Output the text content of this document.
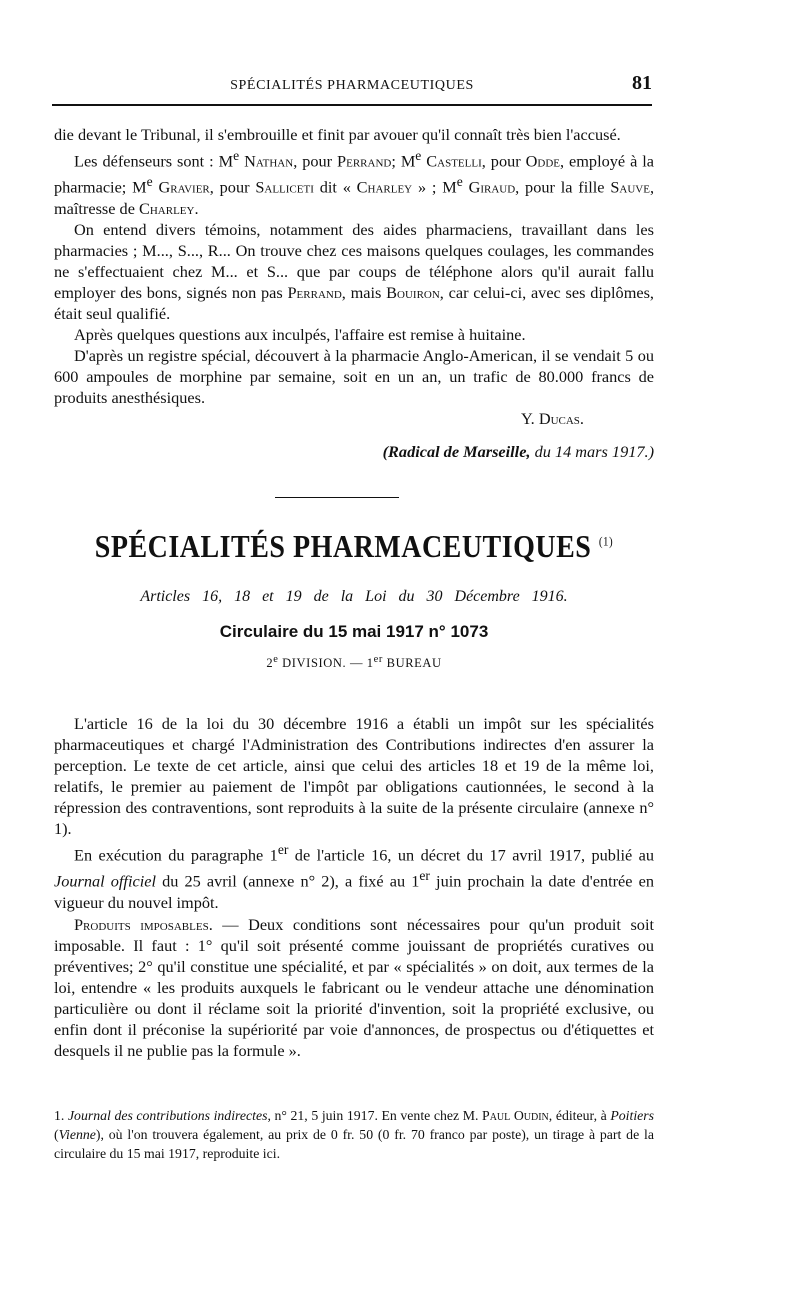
SPÉCIALITÉS PHARMACEUTIQUES	81

die devant le Tribunal, il s'embrouille et finit par avouer qu'il connaît très bien l'accusé.

Les défenseurs sont : Me Nathan, pour Perrand; Me Castelli, pour Odde, employé à la pharmacie; Me Gravier, pour Salliceti dit « Charley » ; Me Giraud, pour la fille Sauve, maîtresse de Charley.

On entend divers témoins, notamment des aides pharmaciens, travaillant dans les pharmacies ; M..., S..., R... On trouve chez ces maisons quelques coulages, les commandes ne s'effectuaient chez M... et S... que par coups de téléphone alors qu'il aurait fallu employer des bons, signés non pas Perrand, mais Bouiron, car celui-ci, avec ses diplômes, était seul qualifié.

Après quelques questions aux inculpés, l'affaire est remise à huitaine.

D'après un registre spécial, découvert à la pharmacie Anglo-American, il se vendait 5 ou 600 ampoules de morphine par semaine, soit en un an, un trafic de 80.000 francs de produits anesthésiques.

Y. Ducas.

(Radical de Marseille, du 14 mars 1917.)

SPÉCIALITÉS PHARMACEUTIQUES $^{(1)}$
Articles 16, 18 et 19 de la Loi du 30 Décembre 1916.
Circulaire du 15 mai 1917 n° 1073
2e DIVISION. — 1er BUREAU

L'article 16 de la loi du 30 décembre 1916 a établi un impôt sur les spécialités pharmaceutiques et chargé l'Administration des Contributions indirectes d'en assurer la perception. Le texte de cet article, ainsi que celui des articles 18 et 19 de la même loi, relatifs, le premier au paiement de l'impôt par obligations cautionnées, le second à la répression des contraventions, sont reproduits à la suite de la présente circulaire (annexe n° 1).

En exécution du paragraphe 1er de l'article 16, un décret du 17 avril 1917, publié au Journal officiel du 25 avril (annexe n° 2), a fixé au 1er juin prochain la date d'entrée en vigueur du nouvel impôt.

Produits imposables. — Deux conditions sont nécessaires pour qu'un produit soit imposable. Il faut : 1° qu'il soit présenté comme jouissant de propriétés curatives ou préventives; 2° qu'il constitue une spécialité, et par « spécialités » on doit, aux termes de la loi, entendre « les produits auxquels le fabricant ou le vendeur attache une dénomination particulière ou dont il réclame soit la priorité d'invention, soit la propriété exclusive, ou enfin dont il préconise la supériorité par voie d'annonces, de prospectus ou d'étiquettes et desquels il ne publie pas la formule ».

1. Journal des contributions indirectes, n° 21, 5 juin 1917. En vente chez M. Paul Oudin, éditeur, à Poitiers (Vienne), où l'on trouvera également, au prix de 0 fr. 50 (0 fr. 70 franco par poste), un tirage à part de la circulaire du 15 mai 1917, reproduite ici.
